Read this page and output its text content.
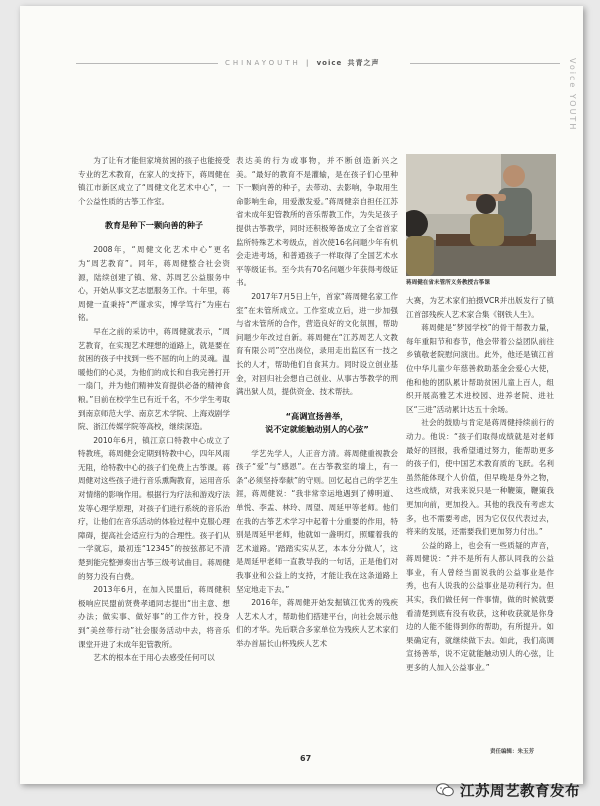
CHINAYOUTH | voice 共青之声	Voice YOUTH

为了让有才能但家境贫困的孩子也能接受专业的艺术教育，在家人的支持下，蒋周健在镇江市新区成立了“周健文化艺术中心”，一个公益性质的古筝工作室。

教育是种下一颗向善的种子

2008年，“周健文化艺术中心”更名为“周艺教育”。同年，蒋周健整合社会资源，陆续创建了镇、常、苏周艺公益服务中心，开始从事文艺志愿服务工作。十年里，蒋周健一直秉持“严谨求实，博学笃行”为座右铭。

早在之前的采访中，蒋周健就表示，“周艺教育，在实现艺术理想的道路上，就是要在贫困的孩子中找到一些不屈的向上的灵魂。温暖他们的心灵，为他们的成长和自我完善打开一扇门，并为他们精神发育提供必备的精神食粮。”目前在校学生已有近千名，不少学生考取到南京师范大学、南京艺术学院、上海戏剧学院、浙江传媒学院等高校，继续深造。

2010年6月，镇江京口特教中心成立了特教班，蒋周健会定期到特教中心，四年风雨无阻，给特教中心的孩子们免费上古筝课。蒋周健对这些孩子进行音乐熏陶教育，运用音乐对情绪的影响作用。根据行为疗法和游戏疗法发等心理学原理，对孩子们进行系统的音乐治疗，让他们在音乐活动的体验过程中克服心理障碍，提高社会适应行为的合理性。孩子们从一学就忘，最初连“12345”的按弦都记不清楚到能完整弹奏出古筝三级考试曲目。蒋周健的努力没有白费。

2013年6月，在加入民盟后，蒋周健积极响应民盟前贤费孝通同志提出“出主意、想办法；做实事、做好事”的工作方针，投身到“美丝带行动”社会服务活动中去，将音乐课堂开进了未成年犯管教所。

艺术的根本在于用心去感受任何可以

表达美的行为或事物，并不断创造新兴之美。“最好的教育不是灌输，是在孩子们心里种下一颗向善的种子，去带动、去影响，争取用生命影响生命，用爱激发爱。”蒋周健亲自担任江苏省未成年犯管教所的音乐帮教工作，为失足孩子提供古筝教学，同时还积极筹备成立了全省首家监所特殊艺术考级点，首次使16名问题少年有机会走进考场，和普通孩子一样取得了全国艺术水平等级证书。至今共有70名问题少年获得考级证书。

2017年7月5日上午，首家“蒋周健名家工作室”在未管所成立。工作室成立后，进一步加强与省未管所的合作，营造良好的文化氛围，帮助问题少年改过自新。蒋周健在“江苏周艺人文教育有限公司”空出岗位，录用走出监区有一技之长的人才，帮助他们自食其力。同时设立创业基金，对回归社会想自己创业、从事古筝教学的刑满出狱人员，提供资金、技术帮扶。

“高调宣扬善举，
说不定就能触动别人的心弦”

学艺先学人，人正音方清。蒋周健重视教会孩子“爱”与“感恩”。在古筝教室的墙上，有一条“必须坚持奉献”的守则。回忆起自己的学艺生涯，蒋周健说：“我非常幸运地遇到了傅明道、单悦、李盂、林玲、周望、周延甲等老师。他们在我的古筝艺术学习中起着十分重要的作用，特别是周延甲老师，他就如一盏明灯，照耀着我的艺术道路。‘踏踏实实从艺，本本分分做人’，这是周延甲老师一直教导我的一句话，正是他们对我事业和公益上的支持，才能让我在这条道路上坚定地走下去。”

2016年，蒋周健开始发掘镇江优秀的残疾人艺术人才，帮助他们搭建平台，向社会展示他们的才华。先后联合多家单位为残疾人艺术家们举办首届长山杯残疾人艺术

蒋周健在省未管所义务教授古筝课

大赛，为艺术家们拍摄VCR并出版发行了镇江首部残疾人艺术家合集《钢铁人生》。

蒋周健是“梦园学校”的骨干帮教力量，每年重阳节和春节，他会带着公益团队前往乡镇敬老院慰问演出。此外，他还是镇江首位中华儿童少年慈善救助基金会爱心大使，他和他的团队累计帮助贫困儿童上百人，组织开展高雅艺术进校园、进养老院、进社区“三进”活动累计达五十余场。

社会的鼓励与肯定是蒋周健持续前行的动力。他说：“孩子们取得成绩就是对老师最好的回报，我希望通过努力，能帮助更多的孩子们，使中国艺术教育质的飞跃。名利虽然能体现个人价值，但早晚是身外之物，这些成绩，对我来说只是一种鞭策，鞭策我更加向前，更加投入。其他的我没有考虑太多，也不需要考虑，因为它仅仅代表过去，将来的发展，还需要我们更加努力付出。”

公益的路上，也会有一些质疑的声音，蒋周健说：“并不是所有人都认同我的公益事业，有人曾经当面说我的公益事业是作秀，也有人说我的公益事业是功利行为。但其实，我们做任何一件事情，做的时候就要看清楚到底有没有收获，这种收获就是你身边的人能不能得到你的帮助，有所提升。如果确定有，就继续做下去。如此，我们高调宣扬善举，说不定就能触动别人的心弦，让更多的人加入公益事业。”

责任编辑：朱玉芳
67
江苏周艺教育发布
